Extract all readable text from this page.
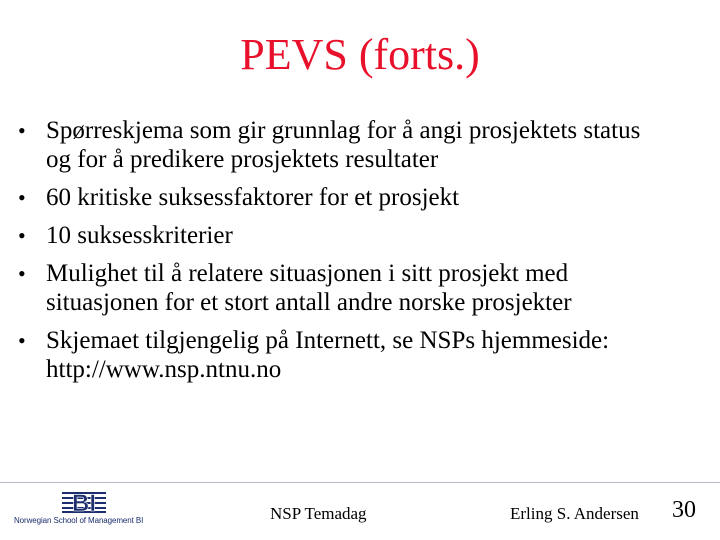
PEVS (forts.)
• Spørreskjema som gir grunnlag for å angi prosjektets status
og for å predikere prosjektets resultater
• 60 kritiske suksessfaktorer for et prosjekt
• 10 suksesskriterier
• Mulighet til å relatere situasjonen i sitt prosjekt med
situasjonen for et stort antall andre norske prosjekter
• Skjemaet tilgjengelig på Internett, se NSPs hjemmeside:
http://www.nsp.ntnu.no
BI
Norwegian School of Management BI	NSP Temadag	Erling S. Andersen 30
